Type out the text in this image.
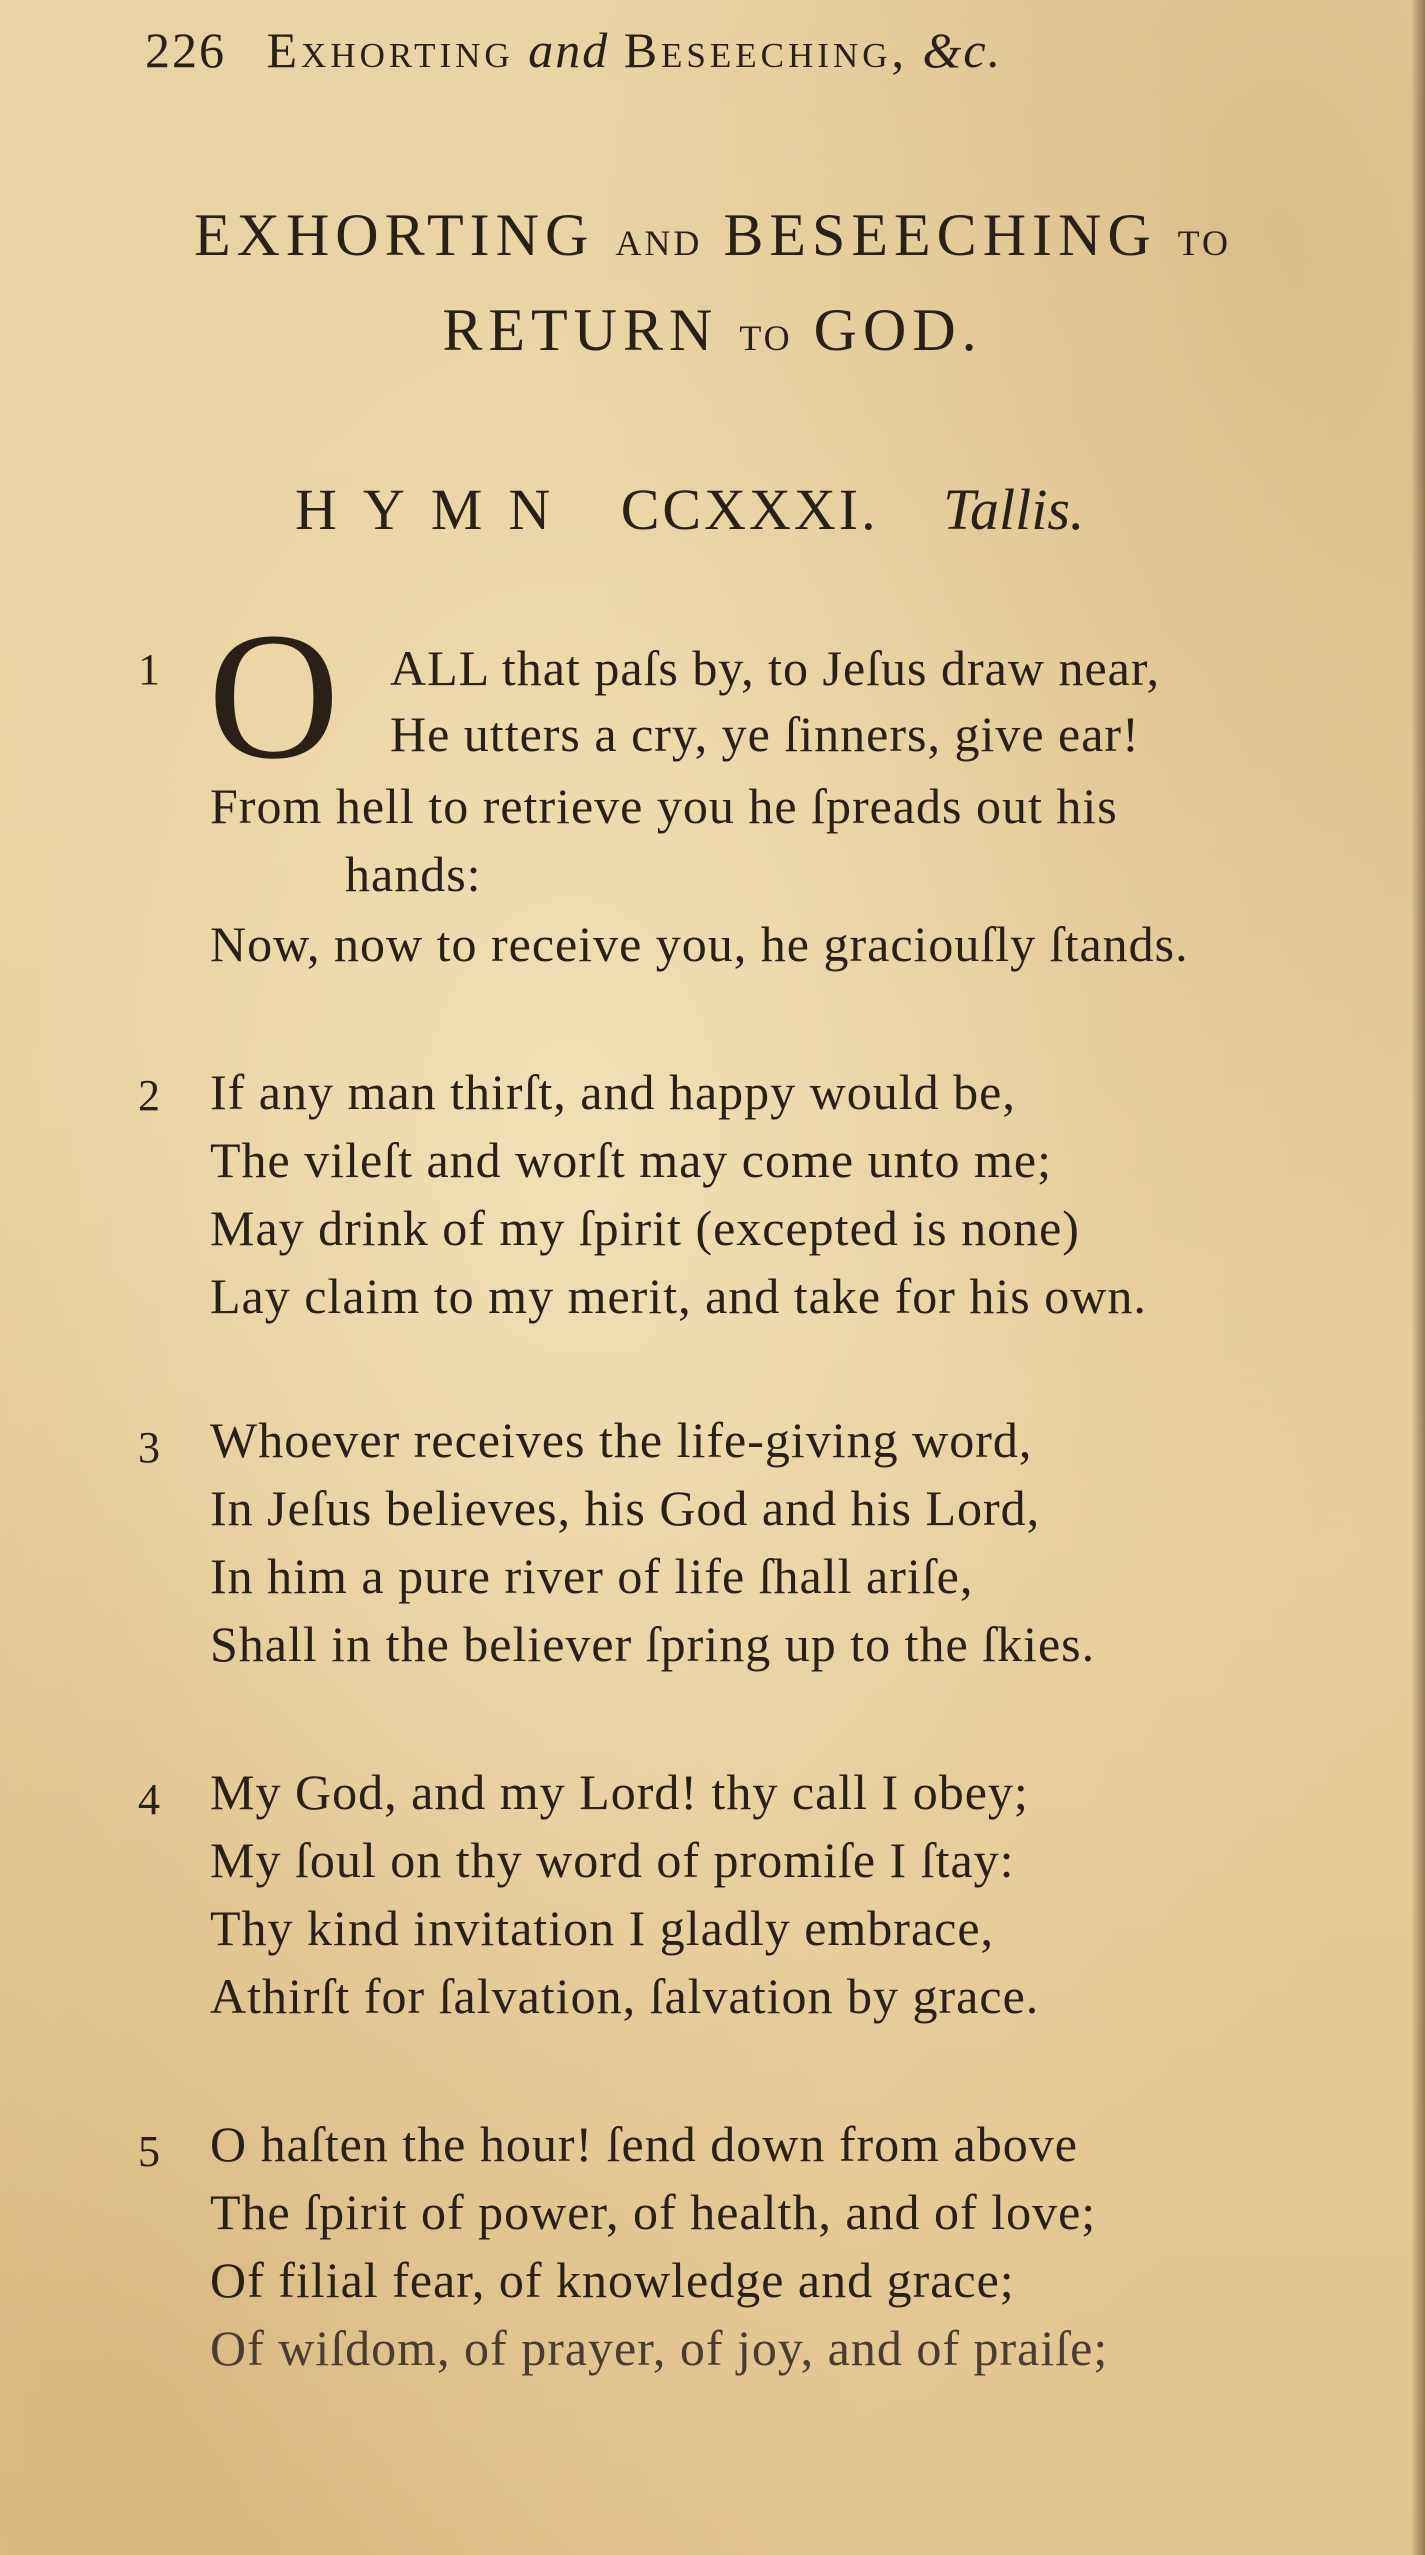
226 Exhorting and Beseeching, &c.
EXHORTING AND BESEECHING TO
RETURN TO GOD.
HYMN CCXXXI. Tallis.
1 O ALL that paſs by, to Jeſus draw near,
He utters a cry, ye ſinners, give ear!
From hell to retrieve you he ſpreads out his
hands:
Now, now to receive you, he graciouſly ſtands.
2 If any man thirſt, and happy would be,
The vileſt and worſt may come unto me;
May drink of my ſpirit (excepted is none)
Lay claim to my merit, and take for his own.
3 Whoever receives the life-giving word,
In Jeſus believes, his God and his Lord,
In him a pure river of life ſhall ariſe,
Shall in the believer ſpring up to the ſkies.
4 My God, and my Lord! thy call I obey;
My ſoul on thy word of promiſe I ſtay:
Thy kind invitation I gladly embrace,
Athirſt for ſalvation, ſalvation by grace.
5 O haſten the hour! ſend down from above
The ſpirit of power, of health, and of love;
Of filial fear, of knowledge and grace;
Of wiſdom, of prayer, of joy, and of praiſe;
